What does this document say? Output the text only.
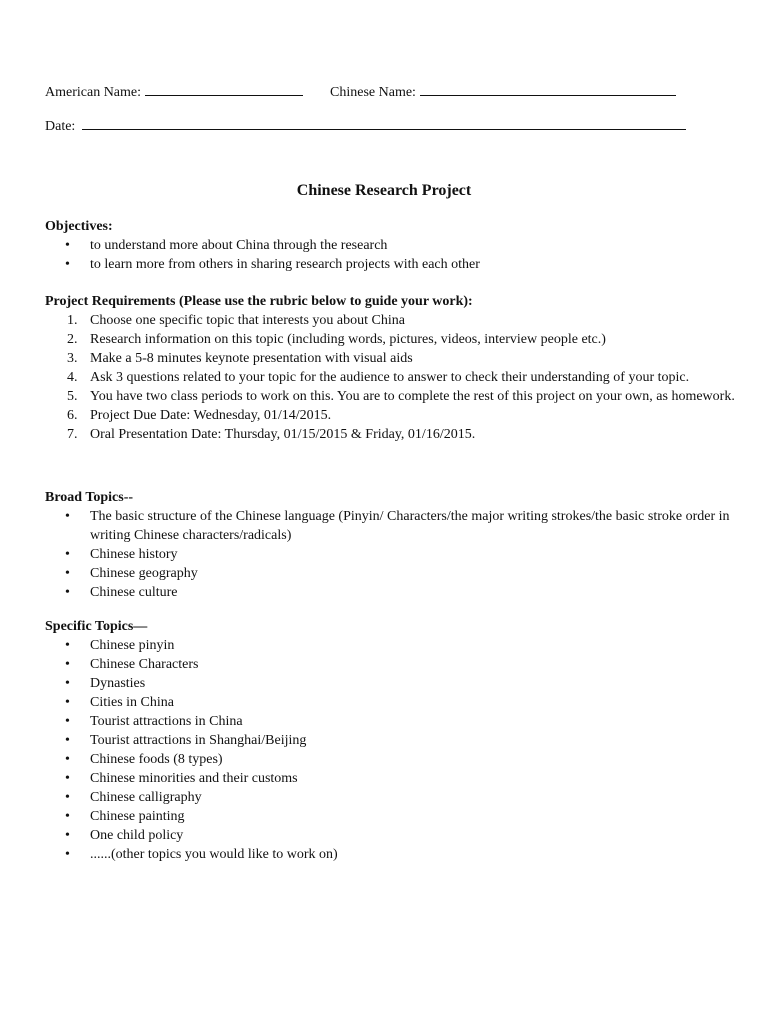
American Name:	Chinese Name:
Date:
Chinese Research Project

Objectives:

• to understand more about China through the research
• to learn more from others in sharing research projects with each other

Project Requirements (Please use the rubric below to guide your work):

1. Choose one specific topic that interests you about China
2. Research information on this topic (including words, pictures, videos, interview people etc.)
3. Make a 5-8 minutes keynote presentation with visual aids
4. Ask 3 questions related to your topic for the audience to answer to check their understanding of your topic.
5. You have two class periods to work on this. You are to complete the rest of this project on your own, as homework.
6. Project Due Date: Wednesday, 01/14/2015.
7. Oral Presentation Date: Thursday, 01/15/2015 & Friday, 01/16/2015.

Broad Topics--

• The basic structure of the Chinese language (Pinyin/ Characters/the major writing strokes/the basic stroke order in writing Chinese characters/radicals)
• Chinese history
• Chinese geography
• Chinese culture

Specific Topics—

• Chinese pinyin
• Chinese Characters
• Dynasties
• Cities in China
• Tourist attractions in China
• Tourist attractions in Shanghai/Beijing
• Chinese foods (8 types)
• Chinese minorities and their customs
• Chinese calligraphy
• Chinese painting
• One child policy
• ......(other topics you would like to work on)
